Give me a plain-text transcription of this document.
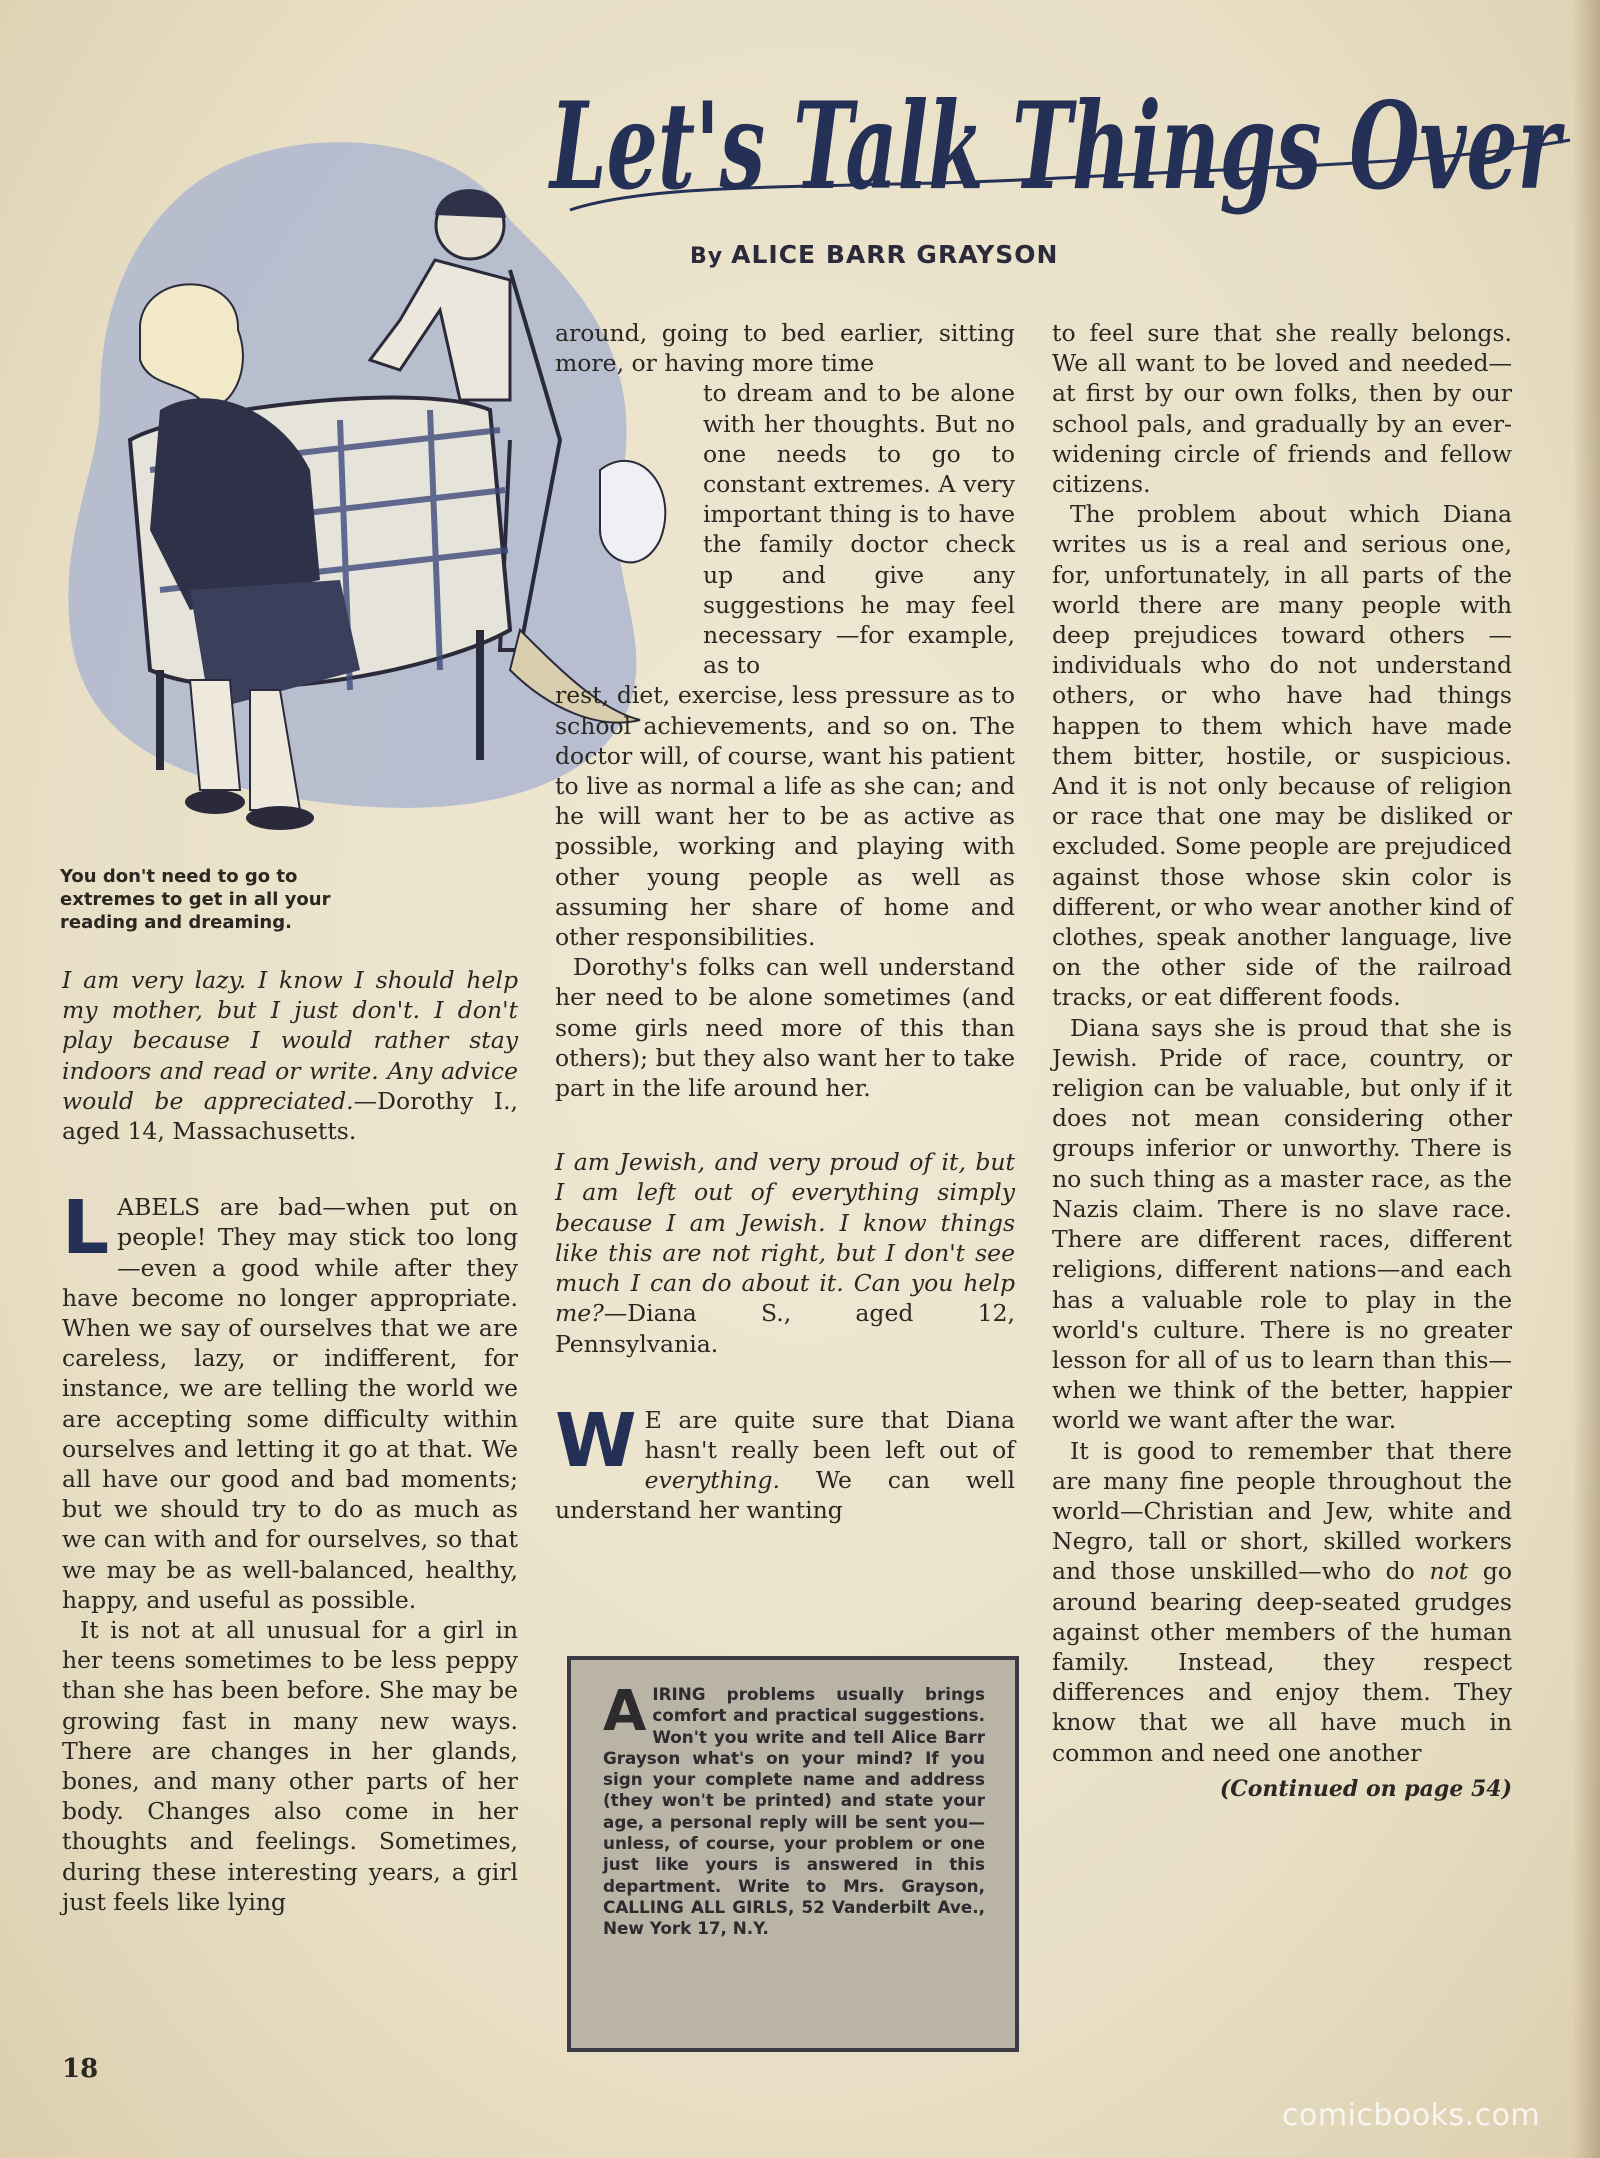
Let's Talk Things Over
By ALICE BARR GRAYSON

You don't need to go to extremes to get in all your reading and dreaming.

I am very lazy. I know I should help my mother, but I just don't. I don't play because I would rather stay indoors and read or write. Any advice would be appreciated.—Dorothy I., aged 14, Massachusetts.

LABELS are bad—when put on people! They may stick too long—even a good while after they have become no longer appropriate. When we say of ourselves that we are careless, lazy, or indifferent, for instance, we are telling the world we are accepting some difficulty within ourselves and letting it go at that. We all have our good and bad moments; but we should try to do as much as we can with and for ourselves, so that we may be as well-balanced, healthy, happy, and useful as possible.

It is not at all unusual for a girl in her teens sometimes to be less peppy than she has been before. She may be growing fast in many new ways. There are changes in her glands, bones, and many other parts of her body. Changes also come in her thoughts and feelings. Sometimes, during these interesting years, a girl just feels like lying

around, going to bed earlier, sitting more, or having more time

to dream and to be alone with her thoughts. But no one needs to go to constant extremes. A very important thing is to have the family doctor check up and give any suggestions he may feel necessary —for example, as to

rest, diet, exercise, less pressure as to school achievements, and so on. The doctor will, of course, want his patient to live as normal a life as she can; and he will want her to be as active as possible, working and playing with other young people as well as assuming her share of home and other responsibilities.

Dorothy's folks can well understand her need to be alone sometimes (and some girls need more of this than others); but they also want her to take part in the life around her.

I am Jewish, and very proud of it, but I am left out of everything simply because I am Jewish. I know things like this are not right, but I don't see much I can do about it. Can you help me?—Diana S., aged 12, Pennsylvania.

W E are quite sure that Diana hasn't really been left out of everything. We can well understand her wanting

AIRING problems usually brings comfort and practical suggestions. Won't you write and tell Alice Barr Grayson what's on your mind? If you sign your complete name and address (they won't be printed) and state your age, a personal reply will be sent you—unless, of course, your problem or one just like yours is answered in this department. Write to Mrs. Grayson, CALLING ALL GIRLS, 52 Vanderbilt Ave., New York 17, N.Y.

to feel sure that she really belongs. We all want to be loved and needed—at first by our own folks, then by our school pals, and gradually by an ever-widening circle of friends and fellow citizens.

The problem about which Diana writes us is a real and serious one, for, unfortunately, in all parts of the world there are many people with deep prejudices toward others — individuals who do not understand others, or who have had things happen to them which have made them bitter, hostile, or suspicious. And it is not only because of religion or race that one may be disliked or excluded. Some people are prejudiced against those whose skin color is different, or who wear another kind of clothes, speak another language, live on the other side of the railroad tracks, or eat different foods.

Diana says she is proud that she is Jewish. Pride of race, country, or religion can be valuable, but only if it does not mean considering other groups inferior or unworthy. There is no such thing as a master race, as the Nazis claim. There is no slave race. There are different races, different religions, different nations—and each has a valuable role to play in the world's culture. There is no greater lesson for all of us to learn than this—when we think of the better, happier world we want after the war.

It is good to remember that there are many fine people throughout the world—Christian and Jew, white and Negro, tall or short, skilled workers and those unskilled—who do not go around bearing deep-seated grudges against other members of the human family. Instead, they respect differences and enjoy them. They know that we all have much in common and need one another

(Continued on page 54)

18
comicbooks.com
